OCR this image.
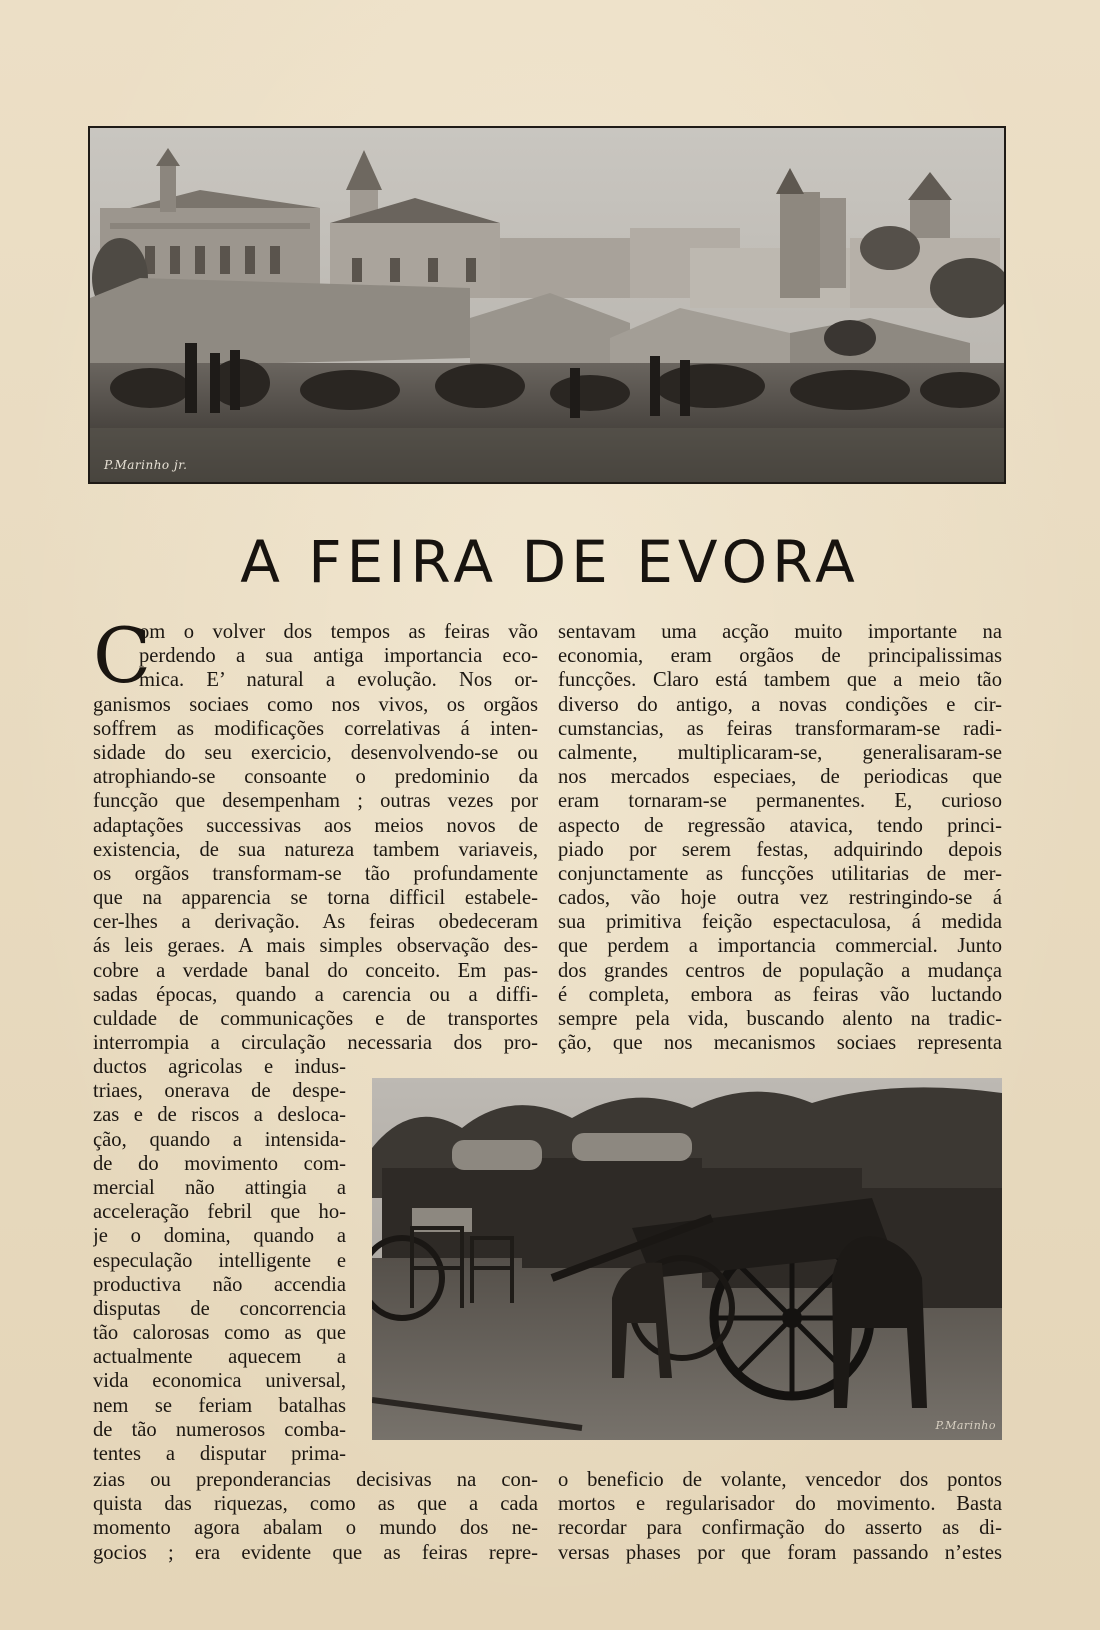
P.Marinho jr.
A FEIRA DE EVORA
C
om o volver dos tempos as feiras vão
perdendo a sua antiga importancia eco-
mica. E’ natural a evolução. Nos or-
ganismos sociaes como nos vivos, os orgãos
soffrem as modificações correlativas á inten-
sidade do seu exercicio, desenvolvendo-se ou
atrophiando-se consoante o predominio da
funcção que desempenham ; outras vezes por
adaptações successivas aos meios novos de
existencia, de sua natureza tambem variaveis,
os orgãos transformam-se tão profundamente
que na apparencia se torna difficil estabele-
cer-lhes a derivação. As feiras obedeceram
ás leis geraes. A mais simples observação des-
cobre a verdade banal do conceito. Em pas-
sadas épocas, quando a carencia ou a diffi-
culdade de communicações e de transportes
interrompia a circulação necessaria dos pro-
sentavam uma acção muito importante na
economia, eram orgãos de principalissimas
funcções. Claro está tambem que a meio tão
diverso do antigo, a novas condições e cir-
cumstancias, as feiras transformaram-se radi-
calmente, multiplicaram-se, generalisaram-se
nos mercados especiaes, de periodicas que
eram tornaram-se permanentes. E, curioso
aspecto de regressão atavica, tendo princi-
piado por serem festas, adquirindo depois
conjunctamente as funcções utilitarias de mer-
cados, vão hoje outra vez restringindo-se á
sua primitiva feição espectaculosa, á medida
que perdem a importancia commercial. Junto
dos grandes centros de população a mudança
é completa, embora as feiras vão luctando
sempre pela vida, buscando alento na tradic-
ção, que nos mecanismos sociaes representa
ductos agricolas e indus-
triaes, onerava de despe-
zas e de riscos a desloca-
ção, quando a intensida-
de do movimento com-
mercial não attingia a
acceleração febril que ho-
je o domina, quando a
especulação intelligente e
productiva não accendia
disputas de concorrencia
tão calorosas como as que
actualmente aquecem a
vida economica universal,
nem se feriam batalhas
de tão numerosos comba-
tentes a disputar prima-
P.Marinho
zias ou preponderancias decisivas na con-
quista das riquezas, como as que a cada
momento agora abalam o mundo dos ne-
gocios ; era evidente que as feiras repre-
o beneficio de volante, vencedor dos pontos
mortos e regularisador do movimento. Basta
recordar para confirmação do asserto as di-
versas phases por que foram passando n’estes
